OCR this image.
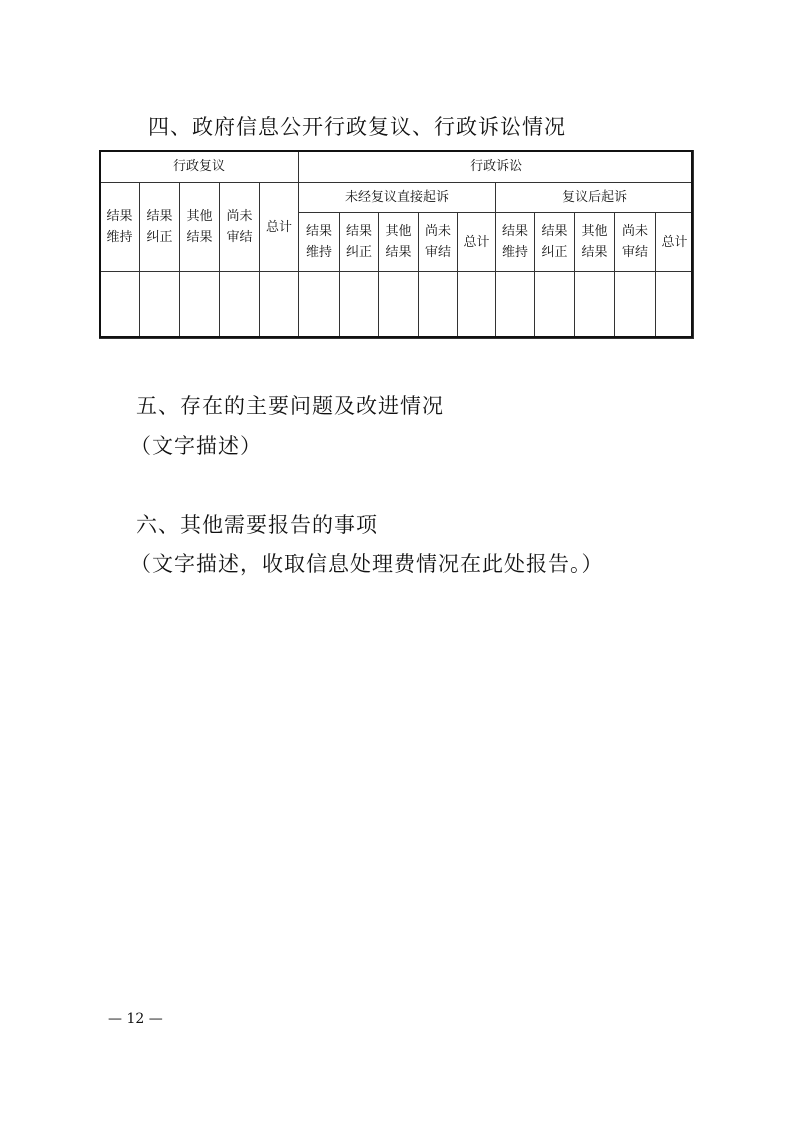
四、政府信息公开行政复议、行政诉讼情况
行政复议					行政诉讼									
结果维持	结果纠正	其他结果	尚未审结	总计	未经复议直接起诉					复议后起诉				
					结果维持	结果纠正	其他结果	尚未审结	总计	结果维持	结果纠正	其他结果	尚未审结	总计

五、存在的主要问题及改进情况
（文字描述）
六、其他需要报告的事项
（文字描述，收取信息处理费情况在此处报告。）
— 12 —
